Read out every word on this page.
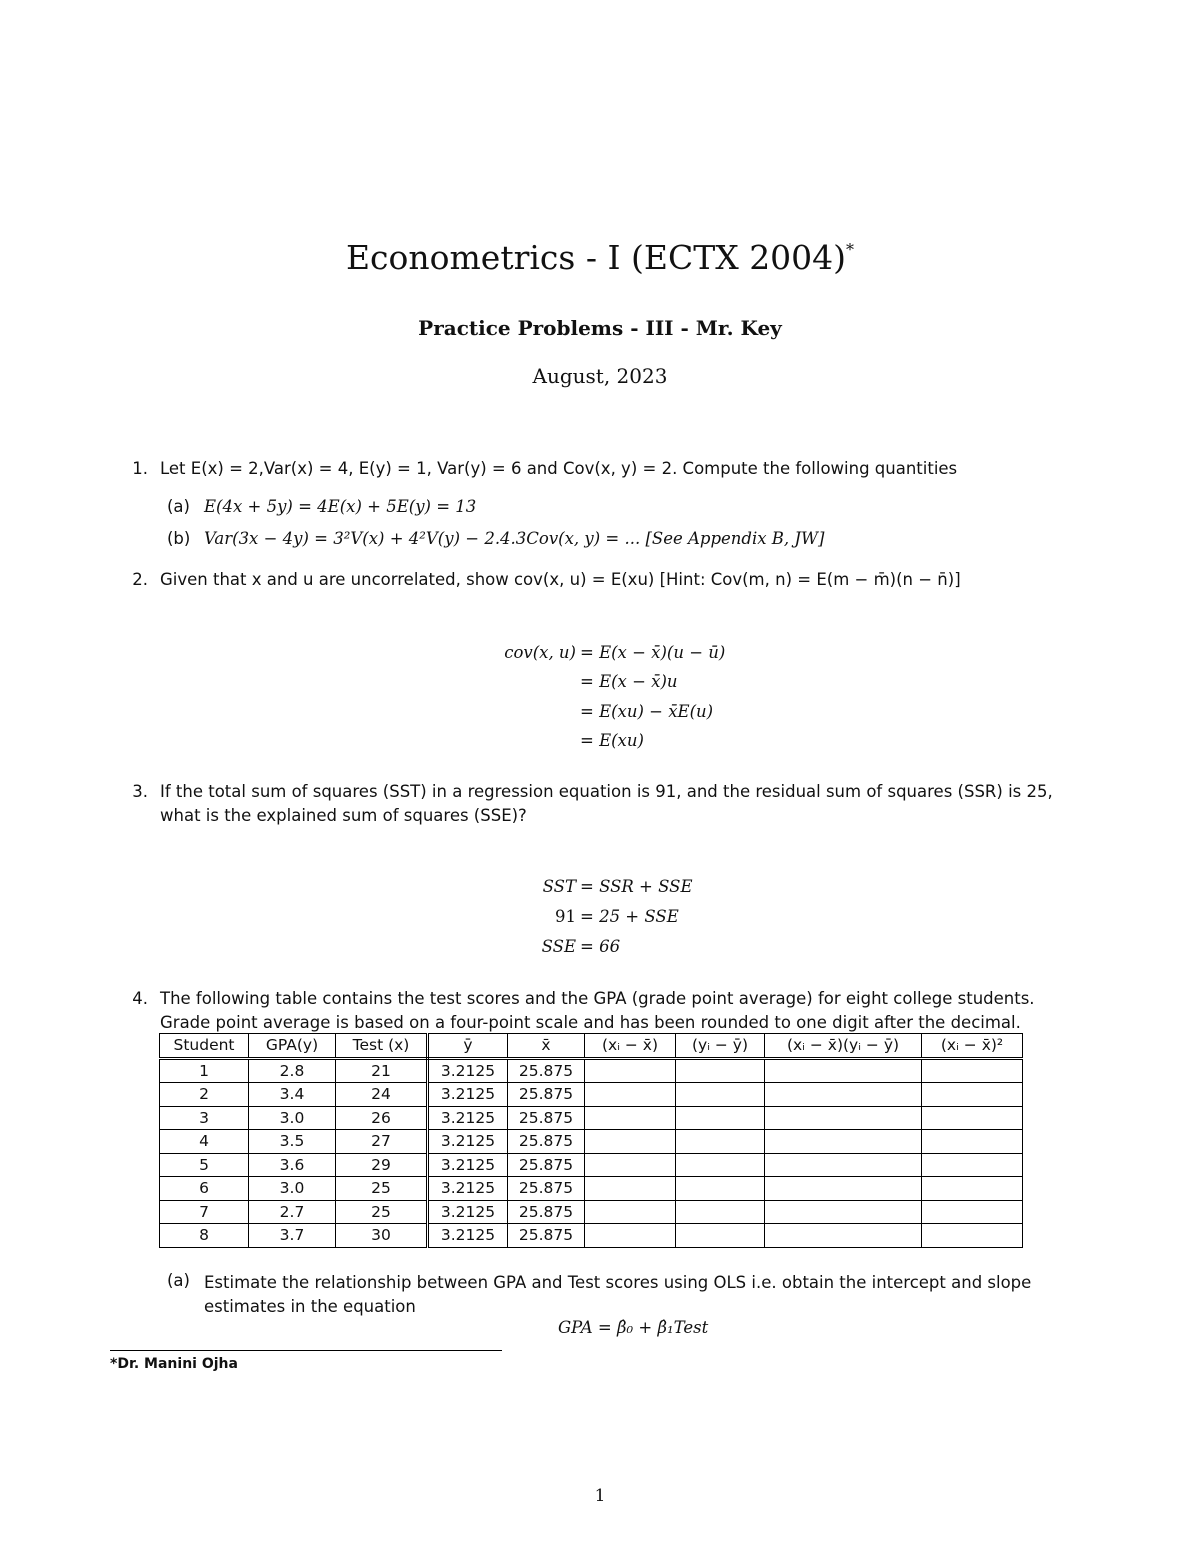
Econometrics - I (ECTX 2004)*
Practice Problems - III - Mr. Key
August, 2023
1. Let E(x) = 2,Var(x) = 4, E(y) = 1, Var(y) = 6 and Cov(x, y) = 2. Compute the following quantities
(a) E(4x + 5y) = 4E(x) + 5E(y) = 13
(b) Var(3x − 4y) = 3²V(x) + 4²V(y) − 2.4.3Cov(x, y) = ... [See Appendix B, JW]
2. Given that x and u are uncorrelated, show cov(x, u) = E(xu) [Hint: Cov(m, n) = E(m − m̄)(n − n̄)]
cov(x, u) = E(x − x̄)(u − ū)
= E(x − x̄)u
= E(xu) − x̄E(u)
= E(xu)
3. If the total sum of squares (SST) in a regression equation is 91, and the residual sum of squares (SSR) is 25,
what is the explained sum of squares (SSE)?
SST = SSR + SSE
91 = 25 + SSE
SSE = 66
4. The following table contains the test scores and the GPA (grade point average) for eight college students.
Grade point average is based on a four-point scale and has been rounded to one digit after the decimal.
Student	GPA(y)	Test (x)	ȳ	x̄	(xᵢ − x̄)	(yᵢ − ȳ)	(xᵢ − x̄)(yᵢ − ȳ)	(xᵢ − x̄)²
1	2.8	21	3.2125	25.875				
2	3.4	24	3.2125	25.875				
3	3.0	26	3.2125	25.875				
4	3.5	27	3.2125	25.875				
5	3.6	29	3.2125	25.875				
6	3.0	25	3.2125	25.875				
7	2.7	25	3.2125	25.875				
8	3.7	30	3.2125	25.875				
(a) Estimate the relationship between GPA and Test scores using OLS i.e. obtain the intercept and slope
estimates in the equation
GPA = β̂₀ + β̂₁Test
*Dr. Manini Ojha
1
